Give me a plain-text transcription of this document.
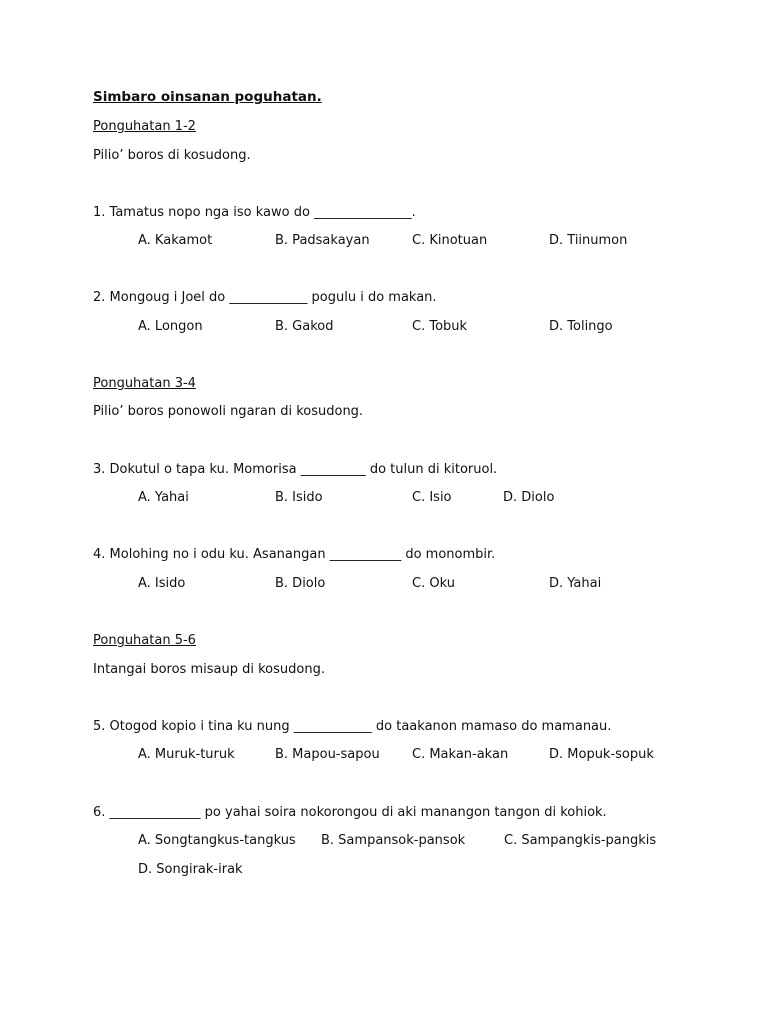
Simbaro oinsanan poguhatan.
Ponguhatan 1-2
Pilio’ boros di kosudong.
1. Tamatus nopo nga iso kawo do _______________.
A. Kakamot	B. Padsakayan	C. Kinotuan	D. Tiinumon
2. Mongoug i Joel do ____________ pogulu i do makan.
A. Longon	B. Gakod	C. Tobuk	D. Tolingo
Ponguhatan 3-4
Pilio’ boros ponowoli ngaran di kosudong.
3. Dokutul o tapa ku. Momorisa __________ do tulun di kitoruol.
A. Yahai	B. Isido	C. Isio	D. Diolo
4. Molohing no i odu ku. Asanangan ___________ do monombir.
A. Isido	B. Diolo	C. Oku	D. Yahai
Ponguhatan 5-6
Intangai boros misaup di kosudong.
5. Otogod kopio i tina ku nung ____________ do taakanon mamaso do mamanau.
A. Muruk-turuk	B. Mapou-sapou C. Makan-akan	D. Mopuk-sopuk
6. ______________ po yahai soira nokorongou di aki manangon tangon di kohiok.
A. Songtangkus-tangkus B. Sampansok-pansok	C. Sampangkis-pangkis
D. Songirak-irak
